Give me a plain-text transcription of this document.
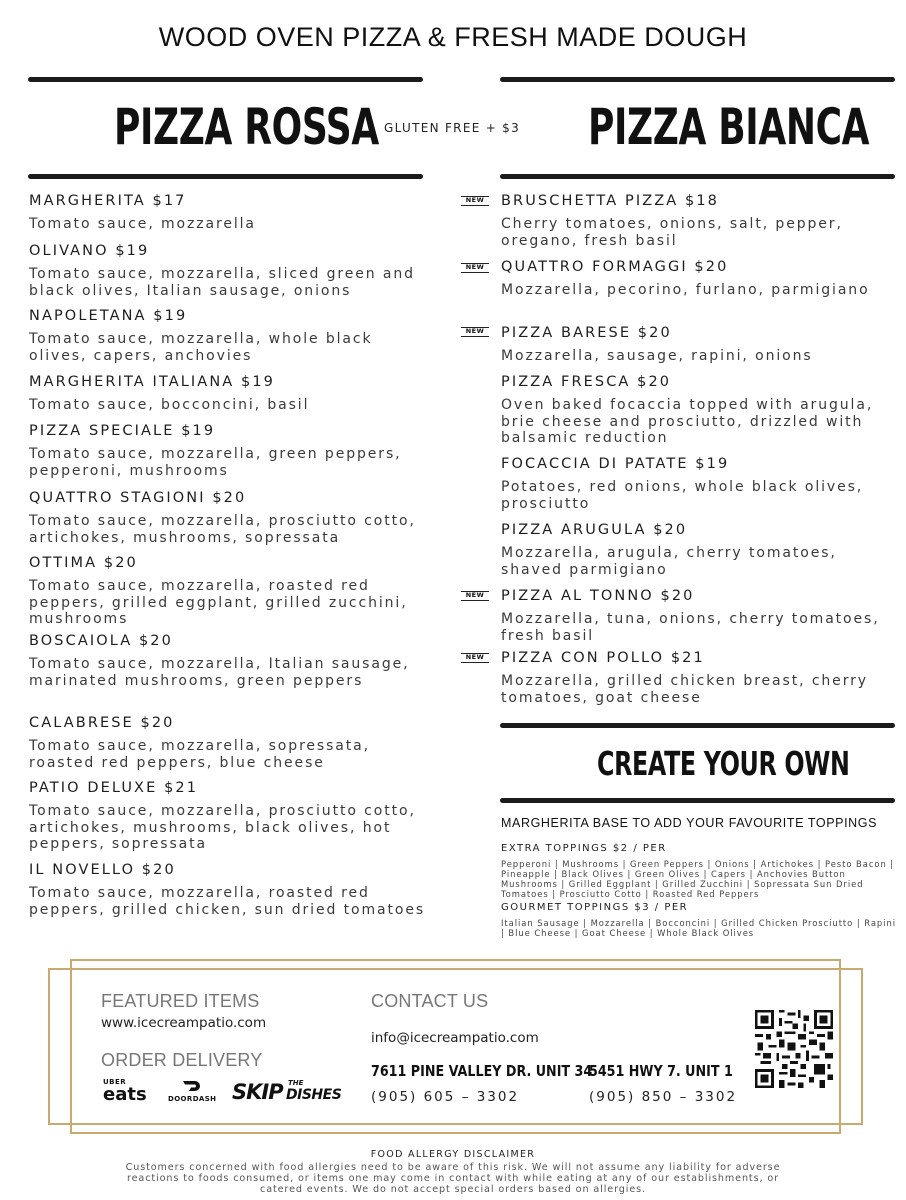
WOOD OVEN PIZZA & FRESH MADE DOUGH
PIZZA ROSSA GLUTEN FREE + $3 PIZZA BIANCA
MARGHERITA $17
Tomato sauce, mozzarella
OLIVANO $19
Tomato sauce, mozzarella, sliced green and black olives, Italian sausage, onions
NAPOLETANA $19
Tomato sauce, mozzarella, whole black olives, capers, anchovies
MARGHERITA ITALIANA $19
Tomato sauce, bocconcini, basil
PIZZA SPECIALE $19
Tomato sauce, mozzarella, green peppers, pepperoni, mushrooms
QUATTRO STAGIONI $20
Tomato sauce, mozzarella, prosciutto cotto, artichokes, mushrooms, sopressata
OTTIMA $20
Tomato sauce, mozzarella, roasted red peppers, grilled eggplant, grilled zucchini, mushrooms
BOSCAIOLA $20
Tomato sauce, mozzarella, Italian sausage, marinated mushrooms, green peppers
CALABRESE $20
Tomato sauce, mozzarella, sopressata, roasted red peppers, blue cheese
PATIO DELUXE $21
Tomato sauce, mozzarella, prosciutto cotto, artichokes, mushrooms, black olives, hot peppers, sopressata
IL NOVELLO $20
Tomato sauce, mozzarella, roasted red peppers, grilled chicken, sun dried tomatoes
BRUSCHETTA PIZZA $18
Cherry tomatoes, onions, salt, pepper, oregano, fresh basil
NEW
QUATTRO FORMAGGI $20
Mozzarella, pecorino, furlano, parmigiano
NEW
PIZZA BARESE $20
Mozzarella, sausage, rapini, onions
NEW
PIZZA FRESCA $20
Oven baked focaccia topped with arugula, brie cheese and prosciutto, drizzled with balsamic reduction
FOCACCIA DI PATATE $19
Potatoes, red onions, whole black olives, prosciutto
PIZZA ARUGULA $20
Mozzarella, arugula, cherry tomatoes, shaved parmigiano
PIZZA AL TONNO $20
Mozzarella, tuna, onions, cherry tomatoes, fresh basil
NEW
PIZZA CON POLLO $21
Mozzarella, grilled chicken breast, cherry tomatoes, goat cheese
NEW
CREATE YOUR OWN
MARGHERITA BASE TO ADD YOUR FAVOURITE TOPPINGS
EXTRA TOPPINGS $2 / PER
Pepperoni | Mushrooms | Green Peppers | Onions | Artichokes | Pesto Bacon | Pineapple | Black Olives | Green Olives | Capers | Anchovies Button Mushrooms | Grilled Eggplant | Grilled Zucchini | Sopressata Sun Dried Tomatoes | Prosciutto Cotto | Roasted Red Peppers
GOURMET TOPPINGS $3 / PER
Italian Sausage | Mozzarella | Bocconcini | Grilled Chicken Prosciutto | Rapini | Blue Cheese | Goat Cheese | Whole Black Olives
FEATURED ITEMS
www.icecreampatio.com
ORDER DELIVERY
UBER
eats	DOORDASH SKIP THE
DISHES
CONTACT US
info@icecreampatio.com
7611 PINE VALLEY DR. UNIT 34
(905) 605 – 3302
5451 HWY 7. UNIT 1
(905) 850 – 3302
FOOD ALLERGY DISCLAIMER
Customers concerned with food allergies need to be aware of this risk. We will not assume any liability for adverse reactions to foods consumed, or items one may come in contact with while eating at any of our establishments, or catered events. We do not accept special orders based on allergies.
